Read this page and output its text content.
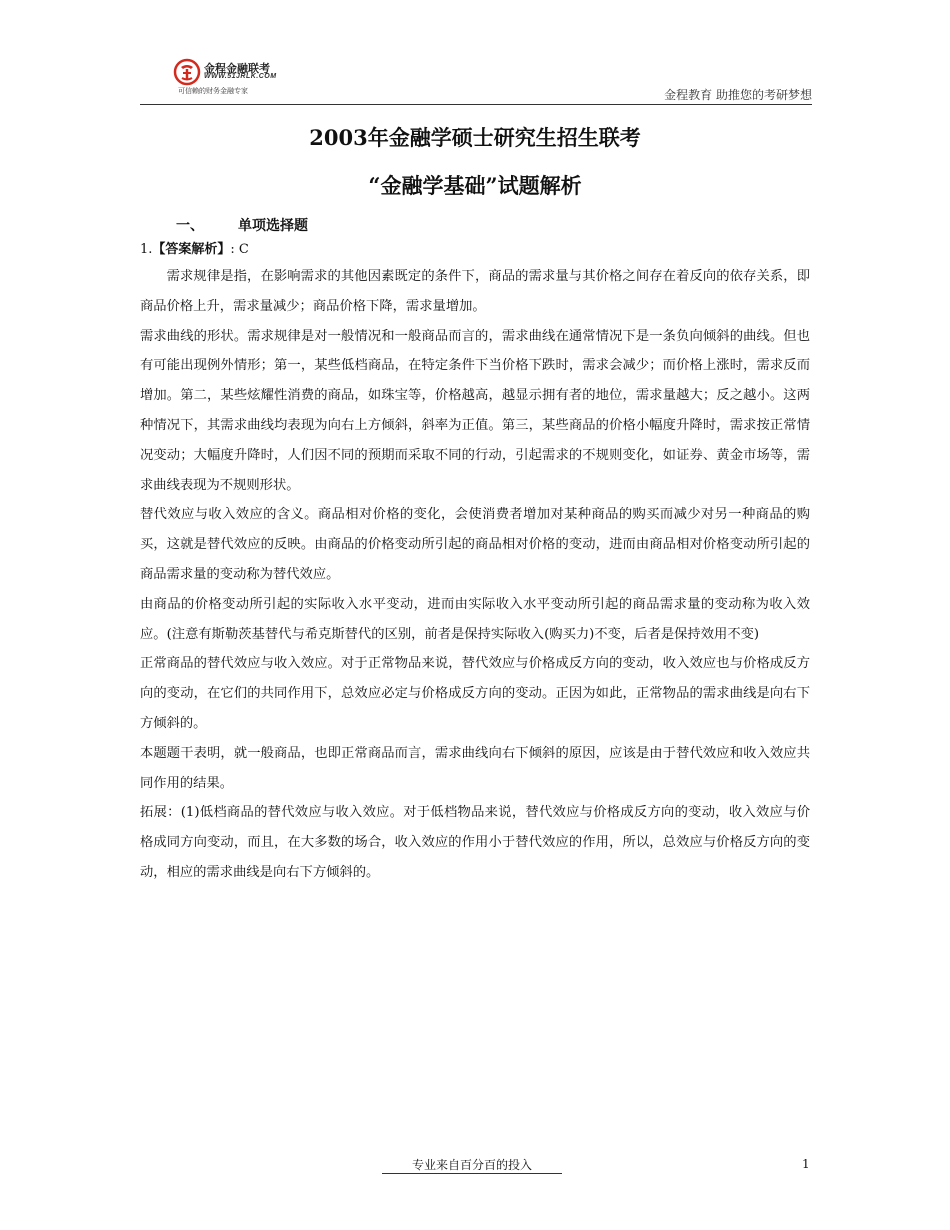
金程金融联考
WWW.51JRLK.COM
可信赖的财务金融专家	金程教育 助推您的考研梦想
2003年金融学硕士研究生招生联考
“金融学基础”试题解析
一、 单项选择题
1.【答案解析】: C

需求规律是指，在影响需求的其他因素既定的条件下，商品的需求量与其价格之间存在着反向的依存关系，即商品价格上升，需求量减少；商品价格下降，需求量增加。

需求曲线的形状。需求规律是对一般情况和一般商品而言的，需求曲线在通常情况下是一条负向倾斜的曲线。但也有可能出现例外情形；第一，某些低档商品，在特定条件下当价格下跌时，需求会减少；而价格上涨时，需求反而增加。第二，某些炫耀性消费的商品，如珠宝等，价格越高，越显示拥有者的地位，需求量越大；反之越小。这两种情况下，其需求曲线均表现为向右上方倾斜，斜率为正值。第三，某些商品的价格小幅度升降时，需求按正常情况变动；大幅度升降时，人们因不同的预期而采取不同的行动，引起需求的不规则变化，如证券、黄金市场等，需求曲线表现为不规则形状。

替代效应与收入效应的含义。商品相对价格的变化，会使消费者增加对某种商品的购买而减少对另一种商品的购买，这就是替代效应的反映。由商品的价格变动所引起的商品相对价格的变动，进而由商品相对价格变动所引起的商品需求量的变动称为替代效应。

由商品的价格变动所引起的实际收入水平变动，进而由实际收入水平变动所引起的商品需求量的变动称为收入效应。(注意有斯勒茨基替代与希克斯替代的区别，前者是保持实际收入(购买力)不变，后者是保持效用不变)

正常商品的替代效应与收入效应。对于正常物品来说，替代效应与价格成反方向的变动，收入效应也与价格成反方向的变动，在它们的共同作用下，总效应必定与价格成反方向的变动。正因为如此，正常物品的需求曲线是向右下方倾斜的。

本题题干表明，就一般商品，也即正常商品而言，需求曲线向右下倾斜的原因，应该是由于替代效应和收入效应共同作用的结果。

拓展：(1)低档商品的替代效应与收入效应。对于低档物品来说，替代效应与价格成反方向的变动，收入效应与价格成同方向变动，而且，在大多数的场合，收入效应的作用小于替代效应的作用，所以，总效应与价格反方向的变动，相应的需求曲线是向右下方倾斜的。

专业来自百分百的投入	1
